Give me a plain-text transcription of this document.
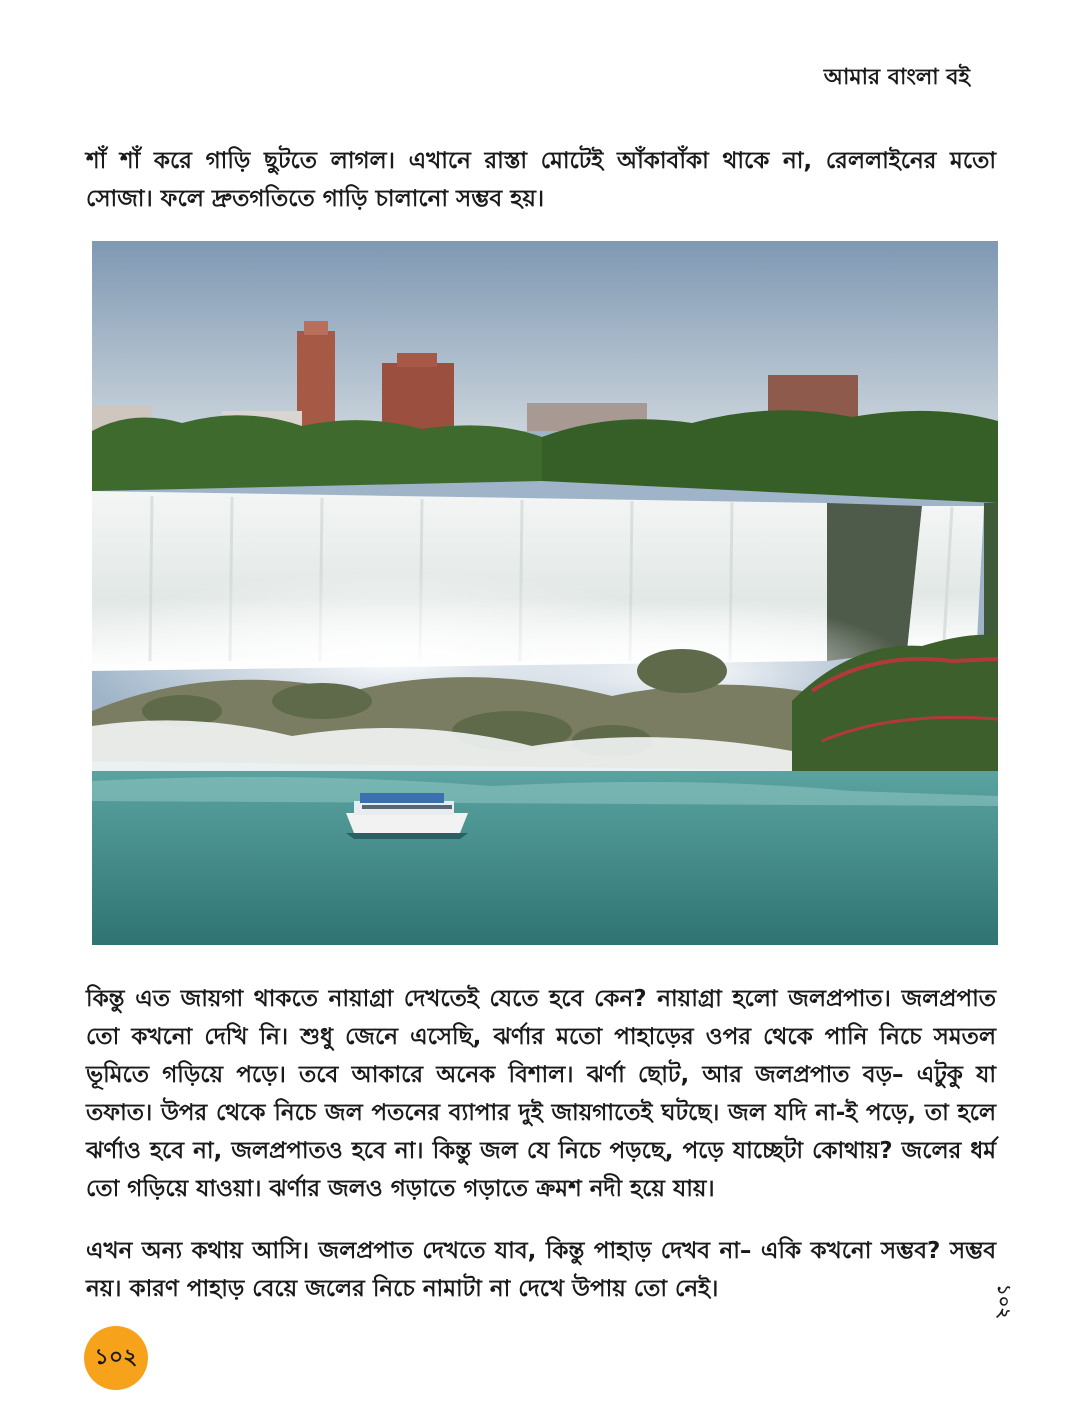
আমার বাংলা বই

শাঁ শাঁ করে গাড়ি ছুটতে লাগল। এখানে রাস্তা মোটেই আঁকাবাঁকা থাকে না, রেললাইনের মতো সোজা। ফলে দ্রুতগতিতে গাড়ি চালানো সম্ভব হয়।

কিন্তু এত জায়গা থাকতে নায়াগ্রা দেখতেই যেতে হবে কেন? নায়াগ্রা হলো জলপ্রপাত। জলপ্রপাত তো কখনো দেখি নি। শুধু জেনে এসেছি, ঝর্ণার মতো পাহাড়ের ওপর থেকে পানি নিচে সমতল ভূমিতে গড়িয়ে পড়ে। তবে আকারে অনেক বিশাল। ঝর্ণা ছোট, আর জলপ্রপাত বড়– এটুকু যা তফাত। উপর থেকে নিচে জল পতনের ব্যাপার দুই জায়গাতেই ঘটছে। জল যদি না-ই পড়ে, তা হলে ঝর্ণাও হবে না, জলপ্রপাতও হবে না। কিন্তু জল যে নিচে পড়ছে, পড়ে যাচ্ছেটা কোথায়? জলের ধর্ম তো গড়িয়ে যাওয়া। ঝর্ণার জলও গড়াতে গড়াতে ক্রমশ নদী হয়ে যায়।

এখন অন্য কথায় আসি। জলপ্রপাত দেখতে যাব, কিন্তু পাহাড় দেখব না– একি কখনো সম্ভব? সম্ভব নয়। কারণ পাহাড় বেয়ে জলের নিচে নামাটা না দেখে উপায় তো নেই।	১০২
১০২
